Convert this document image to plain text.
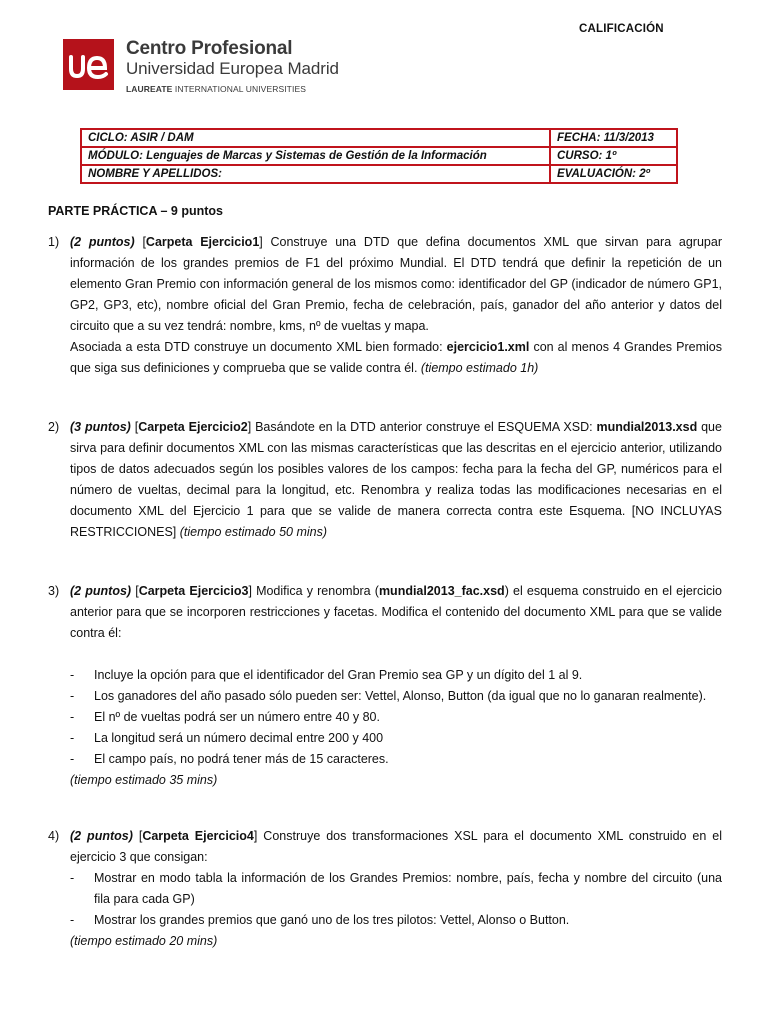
CALIFICACIÓN
Centro Profesional
Universidad Europea Madrid
LAUREATE INTERNATIONAL UNIVERSITIES
CICLO: ASIR / DAM	FECHA: 11/3/2013
MÓDULO: Lenguajes de Marcas y Sistemas de Gestión de la Información	CURSO: 1º
NOMBRE Y APELLIDOS:	EVALUACIÓN: 2º
PARTE PRÁCTICA – 9 puntos
1) (2 puntos) [Carpeta Ejercicio1] Construye una DTD que defina documentos XML que sirvan para agrupar información de los grandes premios de F1 del próximo Mundial. El DTD tendrá que definir la repetición de un elemento Gran Premio con información general de los mismos como: identificador del GP (indicador de número GP1, GP2, GP3, etc), nombre oficial del Gran Premio, fecha de celebración, país, ganador del año anterior y datos del circuito que a su vez tendrá: nombre, kms, nº de vueltas y mapa.

Asociada a esta DTD construye un documento XML bien formado: ejercicio1.xml con al menos 4 Grandes Premios que siga sus definiciones y comprueba que se valide contra él. (tiempo estimado 1h)

2) (3 puntos) [Carpeta Ejercicio2] Basándote en la DTD anterior construye el ESQUEMA XSD: mundial2013.xsd que sirva para definir documentos XML con las mismas características que las descritas en el ejercicio anterior, utilizando tipos de datos adecuados según los posibles valores de los campos: fecha para la fecha del GP, numéricos para el número de vueltas, decimal para la longitud, etc. Renombra y realiza todas las modificaciones necesarias en el documento XML del Ejercicio 1 para que se valide de manera correcta contra este Esquema. [NO INCLUYAS RESTRICCIONES] (tiempo estimado 50 mins)

3) (2 puntos) [Carpeta Ejercicio3] Modifica y renombra (mundial2013_fac.xsd) el esquema construido en el ejercicio anterior para que se incorporen restricciones y facetas. Modifica el contenido del documento XML para que se valide contra él:

- Incluye la opción para que el identificador del Gran Premio sea GP y un dígito del 1 al 9.
- Los ganadores del año pasado sólo pueden ser: Vettel, Alonso, Button (da igual que no lo ganaran realmente).
- El nº de vueltas podrá ser un número entre 40 y 80.
- La longitud será un número decimal entre 200 y 400
- El campo país, no podrá tener más de 15 caracteres.
(tiempo estimado 35 mins)
4) (2 puntos) [Carpeta Ejercicio4] Construye dos transformaciones XSL para el documento XML construido en el ejercicio 3 que consigan:

- Mostrar en modo tabla la información de los Grandes Premios: nombre, país, fecha y nombre del circuito (una fila para cada GP)
- Mostrar los grandes premios que ganó uno de los tres pilotos: Vettel, Alonso o Button.
(tiempo estimado 20 mins)
